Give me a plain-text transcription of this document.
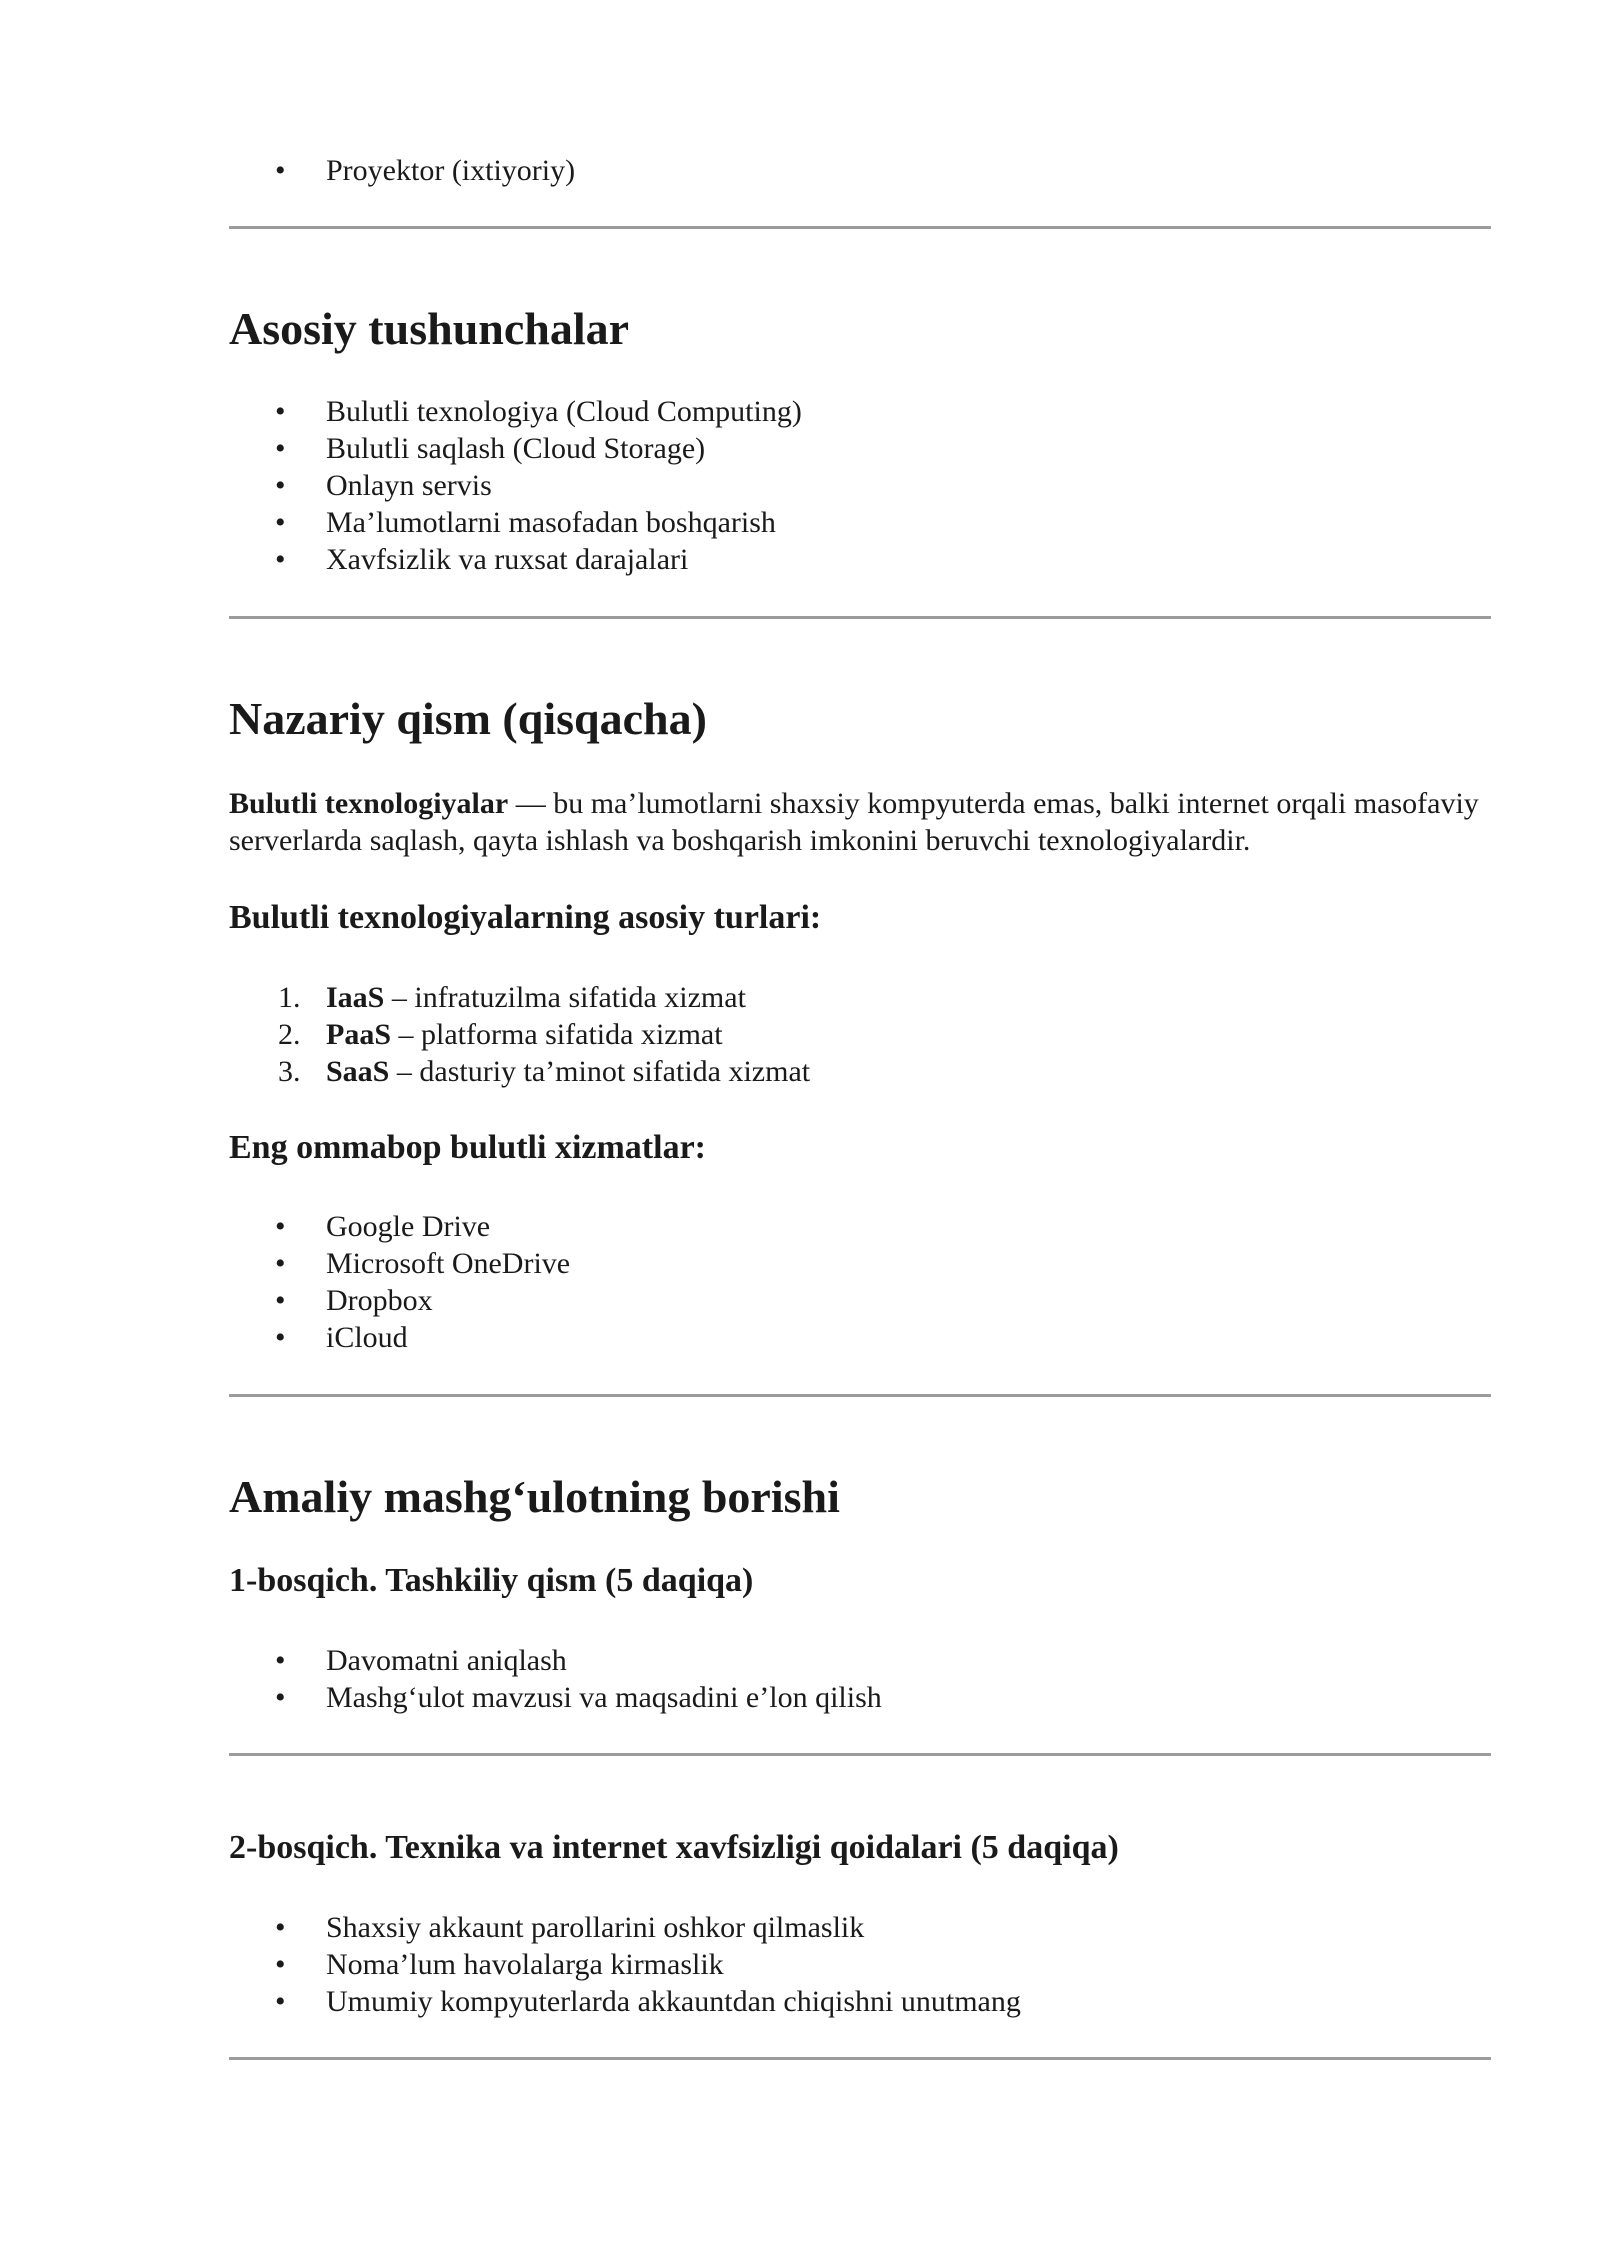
• Proyektor (ixtiyoriy)
Asosiy tushunchalar
• Bulutli texnologiya (Cloud Computing)
• Bulutli saqlash (Cloud Storage)
• Onlayn servis
• Ma’lumotlarni masofadan boshqarish
• Xavfsizlik va ruxsat darajalari
Nazariy qism (qisqacha)

Bulutli texnologiyalar — bu ma’lumotlarni shaxsiy kompyuterda emas, balki internet orqali masofaviy serverlarda saqlash, qayta ishlash va boshqarish imkonini beruvchi texnologiyalardir.

Bulutli texnologiyalarning asosiy turlari:
1. IaaS – infratuzilma sifatida xizmat
2. PaaS – platforma sifatida xizmat
3. SaaS – dasturiy ta’minot sifatida xizmat
Eng ommabop bulutli xizmatlar:
• Google Drive
• Microsoft OneDrive
• Dropbox
• iCloud
Amaliy mashg‘ulotning borishi
1-bosqich. Tashkiliy qism (5 daqiqa)
• Davomatni aniqlash
• Mashg‘ulot mavzusi va maqsadini e’lon qilish
2-bosqich. Texnika va internet xavfsizligi qoidalari (5 daqiqa)
• Shaxsiy akkaunt parollarini oshkor qilmaslik
• Noma’lum havolalarga kirmaslik
• Umumiy kompyuterlarda akkauntdan chiqishni unutmang
